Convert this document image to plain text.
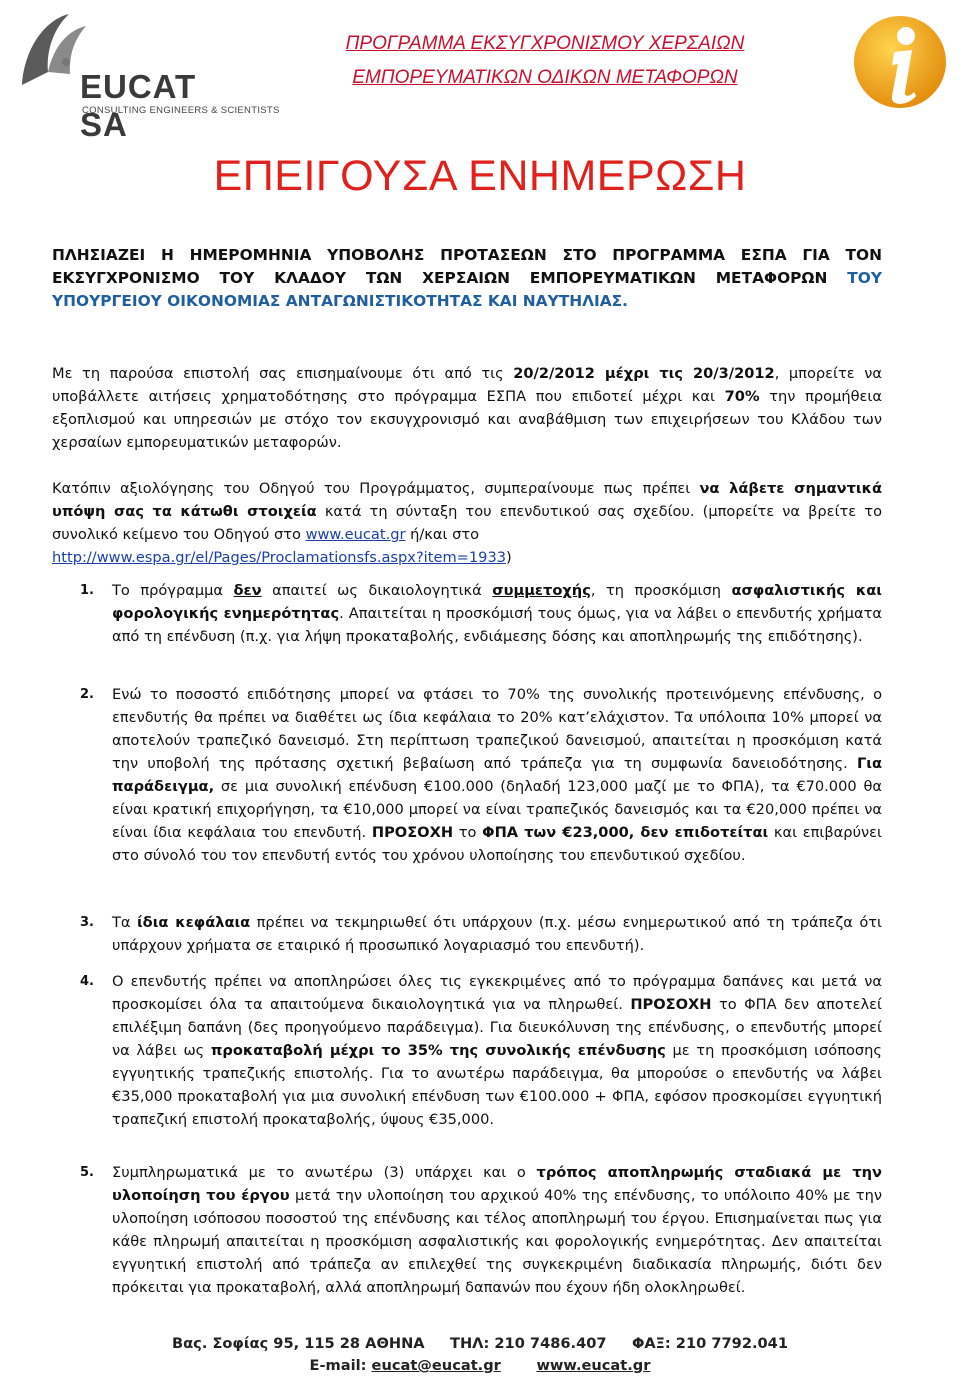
EUCAT SA
CONSULTING ENGINEERS & SCIENTISTS
ΠΡΟΓΡΑΜΜΑ ΕΚΣΥΓΧΡΟΝΙΣΜΟΥ ΧΕΡΣΑΙΩΝ
ΕΜΠΟΡΕΥΜΑΤΙΚΩΝ ΟΔΙΚΩΝ ΜΕΤΑΦΟΡΩΝ
ΕΠΕΙΓΟΥΣΑ ΕΝΗΜΕΡΩΣΗ
ΠΛΗΣΙΑΖΕΙ Η ΗΜΕΡΟΜΗΝΙΑ ΥΠΟΒΟΛΗΣ ΠΡΟΤΑΣΕΩΝ ΣΤΟ ΠΡΟΓΡΑΜΜΑ ΕΣΠΑ ΓΙΑ ΤΟΝ ΕΚΣΥΓΧΡΟΝΙΣΜΟ ΤΟΥ ΚΛΑΔΟΥ ΤΩΝ ΧΕΡΣΑΙΩΝ ΕΜΠΟΡΕΥΜΑΤΙΚΩΝ ΜΕΤΑΦΟΡΩΝ ΤΟΥ ΥΠΟΥΡΓΕΙΟΥ ΟΙΚΟΝΟΜΙΑΣ ΑΝΤΑΓΩΝΙΣΤΙΚΟΤΗΤΑΣ ΚΑΙ ΝΑΥΤΗΛΙΑΣ.
Με τη παρούσα επιστολή σας επισημαίνουμε ότι από τις 20/2/2012 μέχρι τις 20/3/2012, μπορείτε να υποβάλλετε αιτήσεις χρηματοδότησης στο πρόγραμμα ΕΣΠΑ που επιδοτεί μέχρι και 70% την προμήθεια εξοπλισμού και υπηρεσιών με στόχο τον εκσυγχρονισμό και αναβάθμιση των επιχειρήσεων του Κλάδου των χερσαίων εμπορευματικών μεταφορών.
Κατόπιν αξιολόγησης του Οδηγού του Προγράμματος, συμπεραίνουμε πως πρέπει να λάβετε σημαντικά υπόψη σας τα κάτωθι στοιχεία κατά τη σύνταξη του επενδυτικού σας σχεδίου. (μπορείτε να βρείτε το συνολικό κείμενο του Οδηγού στο www.eucat.gr ή/και στο
http://www.espa.gr/el/Pages/Proclamationsfs.aspx?item=1933)
1.	Το πρόγραμμα δεν απαιτεί ως δικαιολογητικά συμμετοχής, τη προσκόμιση ασφαλιστικής και φορολογικής ενημερότητας. Απαιτείται η προσκόμισή τους όμως, για να λάβει ο επενδυτής χρήματα από τη επένδυση (π.χ. για λήψη προκαταβολής, ενδιάμεσης δόσης και αποπληρωμής της επιδότησης).
2.	Ενώ το ποσοστό επιδότησης μπορεί να φτάσει το 70% της συνολικής προτεινόμενης επένδυσης, ο επενδυτής θα πρέπει να διαθέτει ως ίδια κεφάλαια το 20% κατ’ελάχιστον. Τα υπόλοιπα 10% μπορεί να αποτελούν τραπεζικό δανεισμό. Στη περίπτωση τραπεζικού δανεισμού, απαιτείται η προσκόμιση κατά την υποβολή της πρότασης σχετική βεβαίωση από τράπεζα για τη συμφωνία δανειοδότησης. Για παράδειγμα, σε μια συνολική επένδυση €100.000 (δηλαδή 123,000 μαζί με το ΦΠΑ), τα €70.000 θα είναι κρατική επιχορήγηση, τα €10,000 μπορεί να είναι τραπεζικός δανεισμός και τα €20,000 πρέπει να είναι ίδια κεφάλαια του επενδυτή. ΠΡΟΣΟΧΗ το ΦΠΑ των €23,000, δεν επιδοτείται και επιβαρύνει στο σύνολό του τον επενδυτή εντός του χρόνου υλοποίησης του επενδυτικού σχεδίου.
3.	Τα ίδια κεφάλαια πρέπει να τεκμηριωθεί ότι υπάρχουν (π.χ. μέσω ενημερωτικού από τη τράπεζα ότι υπάρχουν χρήματα σε εταιρικό ή προσωπικό λογαριασμό του επενδυτή).
4.	Ο επενδυτής πρέπει να αποπληρώσει όλες τις εγκεκριμένες από το πρόγραμμα δαπάνες και μετά να προσκομίσει όλα τα απαιτούμενα δικαιολογητικά για να πληρωθεί. ΠΡΟΣΟΧΗ το ΦΠΑ δεν αποτελεί επιλέξιμη δαπάνη (δες προηγούμενο παράδειγμα). Για διευκόλυνση της επένδυσης, ο επενδυτής μπορεί να λάβει ως προκαταβολή μέχρι το 35% της συνολικής επένδυσης με τη προσκόμιση ισόποσης εγγυητικής τραπεζικής επιστολής. Για το ανωτέρω παράδειγμα, θα μπορούσε ο επενδυτής να λάβει €35,000 προκαταβολή για μια συνολική επένδυση των €100.000 + ΦΠΑ, εφόσον προσκομίσει εγγυητική τραπεζική επιστολή προκαταβολής, ύψους €35,000.
5.	Συμπληρωματικά με το ανωτέρω (3) υπάρχει και ο τρόπος αποπληρωμής σταδιακά με την υλοποίηση του έργου μετά την υλοποίηση του αρχικού 40% της επένδυσης, το υπόλοιπο 40% με την υλοποίηση ισόποσου ποσοστού της επένδυσης και τέλος αποπληρωμή του έργου. Επισημαίνεται πως για κάθε πληρωμή απαιτείται η προσκόμιση ασφαλιστικής και φορολογικής ενημερότητας. Δεν απαιτείται εγγυητική επιστολή από τράπεζα αν επιλεχθεί της συγκεκριμένη διαδικασία πληρωμής, διότι δεν πρόκειται για προκαταβολή, αλλά αποπληρωμή δαπανών που έχουν ήδη ολοκληρωθεί.
Βας. Σοφίας 95, 115 28 ΑΘΗΝΑ ΤΗΛ: 210 7486.407 ΦΑΞ: 210 7792.041
E-mail: eucat@eucat.gr www.eucat.gr
